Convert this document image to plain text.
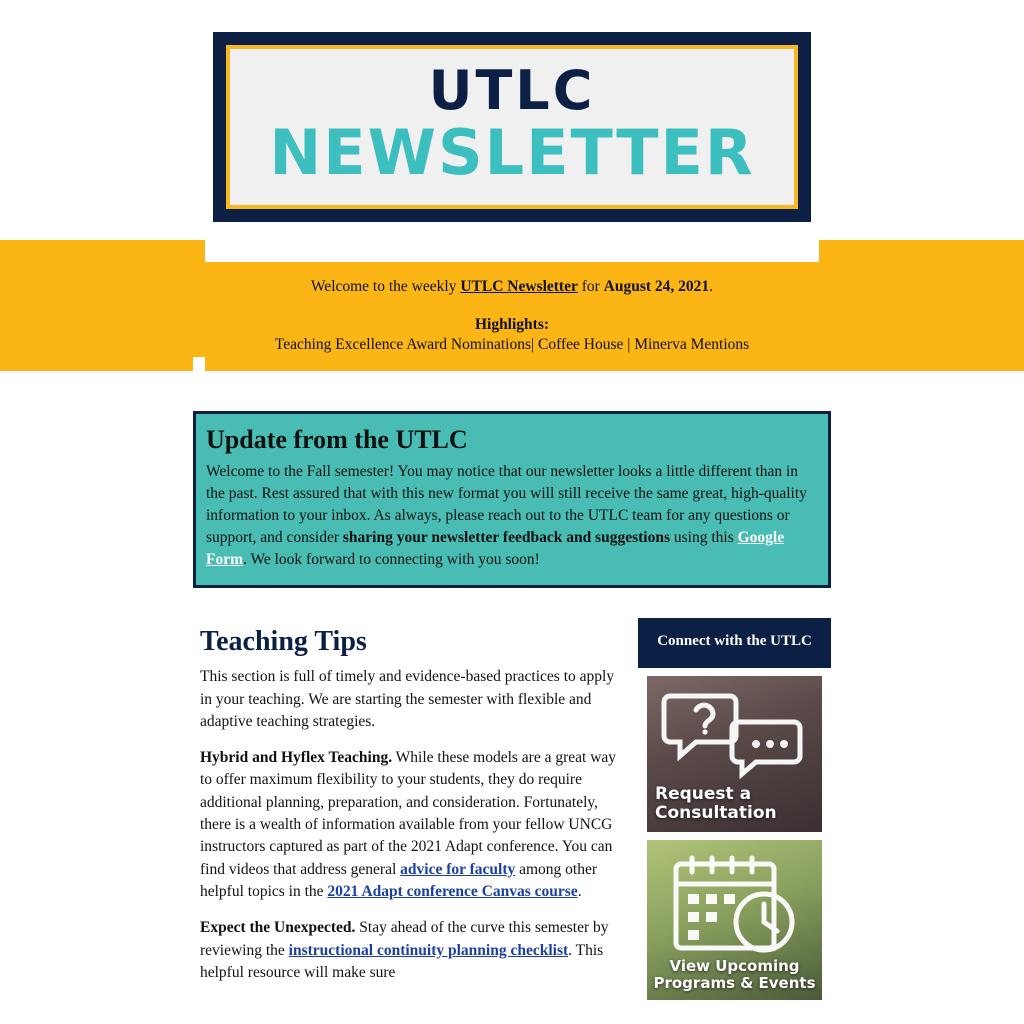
UTLC
NEWSLETTER
Welcome to the weekly UTLC Newsletter for August 24, 2021.
Highlights:
Teaching Excellence Award Nominations| Coffee House | Minerva Mentions
Update from the UTLC
Welcome to the Fall semester! You may notice that our newsletter looks a little different than in the past. Rest assured that with this new format you will still receive the same great, high-quality information to your inbox. As always, please reach out to the UTLC team for any questions or support, and consider sharing your newsletter feedback and suggestions using this Google Form. We look forward to connecting with you soon!
Teaching Tips

This section is full of timely and evidence-based practices to apply in your teaching. We are starting the semester with flexible and adaptive teaching strategies.

Hybrid and Hyflex Teaching. While these models are a great way to offer maximum flexibility to your students, they do require additional planning, preparation, and consideration. Fortunately, there is a wealth of information available from your fellow UNCG instructors captured as part of the 2021 Adapt conference. You can find videos that address general advice for faculty among other helpful topics in the 2021 Adapt conference Canvas course.

Expect the Unexpected. Stay ahead of the curve this semester by reviewing the instructional continuity planning checklist. This helpful resource will make sure

Connect with the UTLC
Request a
Consultation
View Upcoming
Programs & Events
